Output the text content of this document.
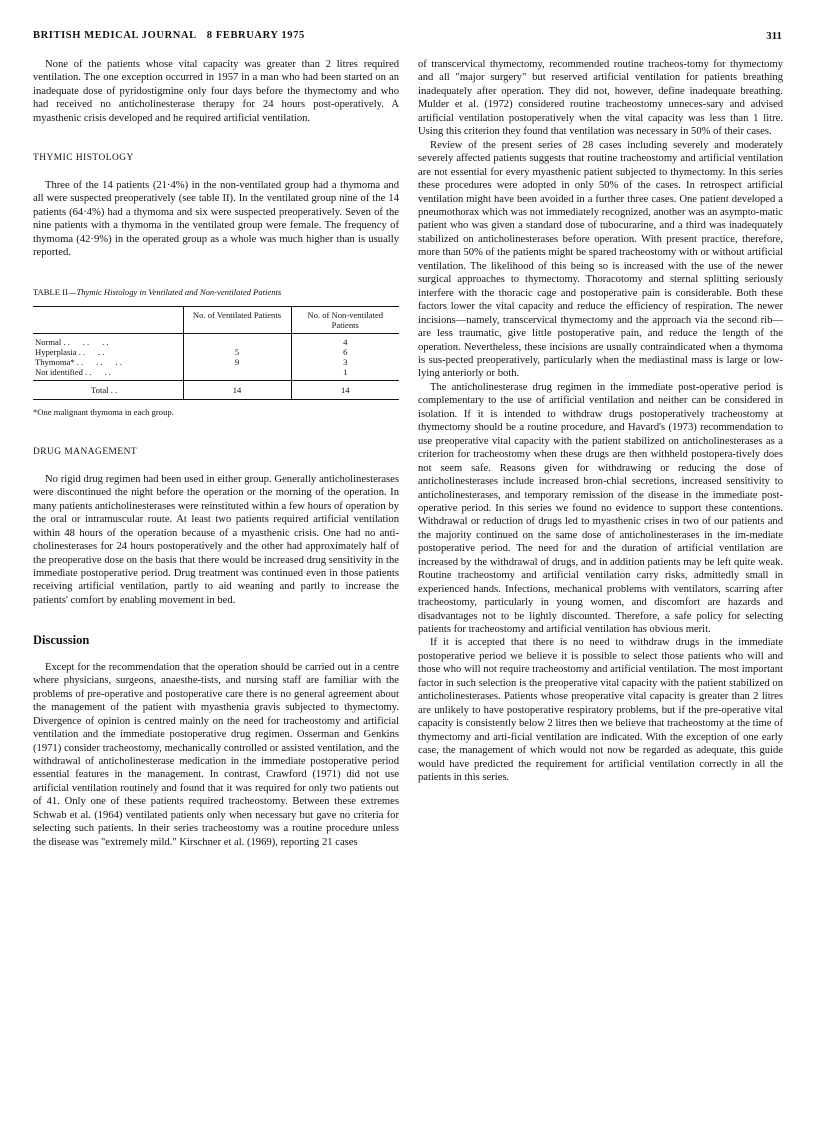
BRITISH MEDICAL JOURNAL 8 FEBRUARY 1975	311

None of the patients whose vital capacity was greater than 2 litres required ventilation. The one exception occurred in 1957 in a man who had been started on an inadequate dose of pyridostigmine only four days before the thymectomy and who had received no anticholinesterase therapy for 24 hours post-operatively. A myasthenic crisis developed and he required artificial ventilation.

THYMIC HISTOLOGY

Three of the 14 patients (21·4%) in the non-ventilated group had a thymoma and all were suspected preoperatively (see table II). In the ventilated group nine of the 14 patients (64·4%) had a thymoma and six were suspected preoperatively. Seven of the nine patients with a thymoma in the ventilated group were female. The frequency of thymoma (42·9%) in the operated group as a whole was much higher than is usually reported.

TABLE II—Thymic Histology in Ventilated and Non-ventilated Patients
	No. of Ventilated Patients	No. of Non-ventilated Patients
Normal . .      . .      . .		4
Hyperplasia . .      . .	5	6
Thymoma* . .      . .      . .	9	3
Not identified . .      . .		1
Total . .	14	14
*One malignant thymoma in each group.
DRUG MANAGEMENT

No rigid drug regimen had been used in either group. Generally anticholinesterases were discontinued the night before the operation or the morning of the operation. In many patients anticholinesterases were reinstituted within a few hours of operation by the oral or intramuscular route. At least two patients required artificial ventilation within 48 hours of the operation because of a myasthenic crisis. One had no anti-cholinesterases for 24 hours postoperatively and the other had approximately half of the preoperative dose on the basis that there would be increased drug sensitivity in the immediate postoperative period. Drug treatment was continued even in those patients receiving artificial ventilation, partly to aid weaning and partly to increase the patients' comfort by enabling movement in bed.

Discussion

Except for the recommendation that the operation should be carried out in a centre where physicians, surgeons, anaesthe-tists, and nursing staff are familiar with the problems of pre-operative and postoperative care there is no general agreement about the management of the patient with myasthenia gravis subjected to thymectomy. Divergence of opinion is centred mainly on the need for tracheostomy and artificial ventilation and the immediate postoperative drug regimen. Osserman and Genkins (1971) consider tracheostomy, mechanically controlled or assisted ventilation, and the withdrawal of anticholinesterase medication in the immediate postoperative period essential features in the management. In contrast, Crawford (1971) did not use artificial ventilation routinely and found that it was required for only two patients out of 41. Only one of these patients required tracheostomy. Between these extremes Schwab et al. (1964) ventilated patients only when necessary but gave no criteria for selecting such patients. In their series tracheostomy was a routine procedure unless the disease was "extremely mild." Kirschner et al. (1969), reporting 21 cases

of transcervical thymectomy, recommended routine tracheos-tomy for thymectomy and all "major surgery" but reserved artificial ventilation for patients breathing inadequately after operation. They did not, however, define inadequate breathing. Mulder et al. (1972) considered routine tracheostomy unneces-sary and advised artificial ventilation postoperatively when the vital capacity was less than 1 litre. Using this criterion they found that ventilation was necessary in 50% of their cases.

Review of the present series of 28 cases including severely and moderately severely affected patients suggests that routine tracheostomy and artificial ventilation are not essential for every myasthenic patient subjected to thymectomy. In this series these procedures were adopted in only 50% of the cases. In retrospect artificial ventilation might have been avoided in a further three cases. One patient developed a pneumothorax which was not immediately recognized, another was an asympto-matic patient who was given a standard dose of tubocurarine, and a third was inadequately stabilized on anticholinesterases before operation. With present practice, therefore, more than 50% of the patients might be spared tracheostomy with or without artificial ventilation. The likelihood of this being so is increased with the use of the newer surgical approaches to thymectomy. Thoracotomy and sternal splitting seriously interfere with the thoracic cage and postoperative pain is considerable. Both these factors lower the vital capacity and reduce the efficiency of respiration. The newer incisions—namely, transcervical thymectomy and the approach via the second rib—are less traumatic, give little postoperative pain, and reduce the length of the operation. Nevertheless, these incisions are usually contraindicated when a thymoma is sus-pected preoperatively, particularly when the mediastinal mass is large or low-lying anteriorly or both.

The anticholinesterase drug regimen in the immediate post-operative period is complementary to the use of artificial ventilation and neither can be considered in isolation. If it is intended to withdraw drugs postoperatively tracheostomy at thymectomy should be a routine procedure, and Havard's (1973) recommendation to use preoperative vital capacity with the patient stabilized on anticholinesterases as a criterion for tracheostomy when these drugs are then withheld postopera-tively does not seem safe. Reasons given for withdrawing or reducing the dose of anticholinesterases include increased bron-chial secretions, increased sensitivity to anticholinesterases, and temporary remission of the disease in the immediate post-operative period. In this series we found no evidence to support these contentions. Withdrawal or reduction of drugs led to myasthenic crises in two of our patients and the majority continued on the same dose of anticholinesterases in the im-mediate postoperative period. The need for and the duration of artificial ventilation are increased by the withdrawal of drugs, and in addition patients may be left quite weak. Routine tracheostomy and artificial ventilation carry risks, admittedly small in experienced hands. Infections, mechanical problems with ventilators, scarring after tracheostomy, particularly in young women, and discomfort are hazards and disadvantages not to be lightly discounted. Therefore, a safe policy for selecting patients for tracheostomy and artificial ventilation has obvious merit.

If it is accepted that there is no need to withdraw drugs in the immediate postoperative period we believe it is possible to select those patients who will and those who will not require tracheostomy and artificial ventilation. The most important factor in such selection is the preoperative vital capacity with the patient stabilized on anticholinesterases. Patients whose preoperative vital capacity is greater than 2 litres are unlikely to have postoperative respiratory problems, but if the pre-operative vital capacity is consistently below 2 litres then we believe that tracheostomy at the time of thymectomy and arti-ficial ventilation are indicated. With the exception of one early case, the management of which would not now be regarded as adequate, this guide would have predicted the requirement for artificial ventilation correctly in all the patients in this series.
